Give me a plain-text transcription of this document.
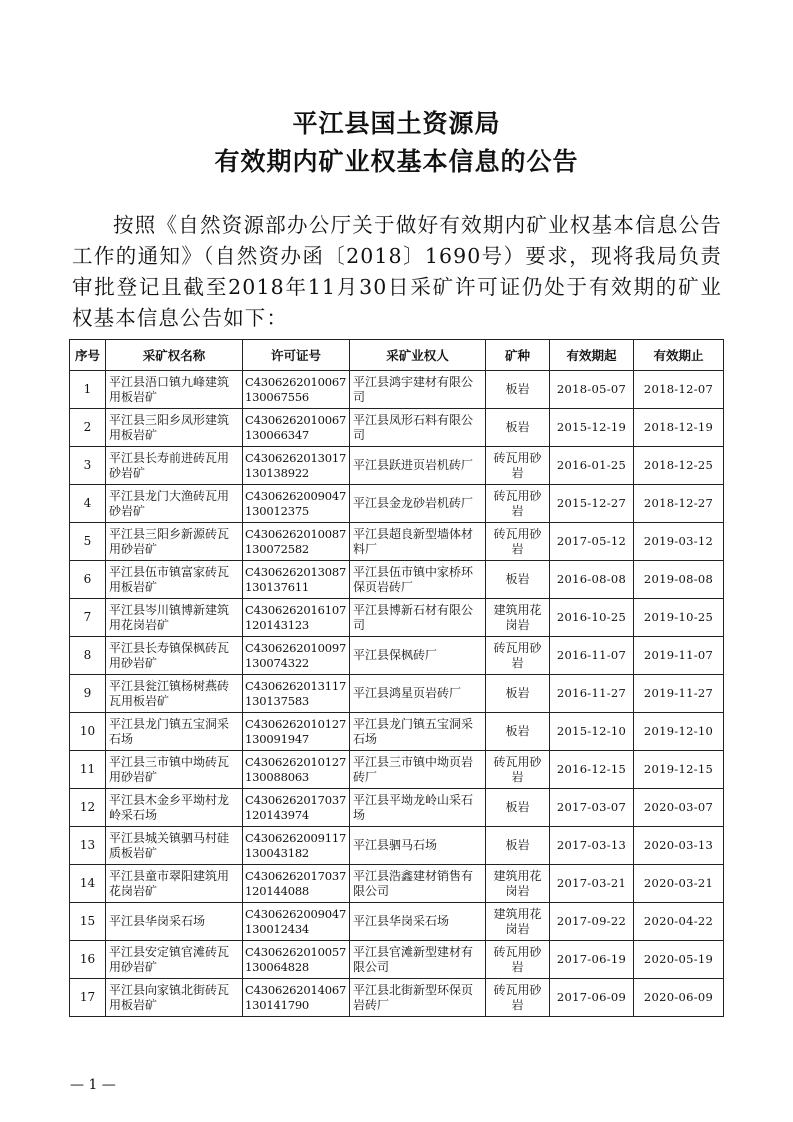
平江县国土资源局
有效期内矿业权基本信息的公告
按照《自然资源部办公厅关于做好有效期内矿业权基本信息公告工作的通知》（自然资办函〔2018〕1690号）要求，现将我局负责审批登记且截至2018年11月30日采矿许可证仍处于有效期的矿业权基本信息公告如下：
序号	采矿权名称	许可证号	采矿业权人	矿种	有效期起	有效期止
1	平江县浯口镇九峰建筑用板岩矿	C4306262010067130067556	平江县鸿宇建材有限公司	板岩	2018-05-07	2018-12-07
2	平江县三阳乡凤形建筑用板岩矿	C4306262010067130066347	平江县凤形石料有限公司	板岩	2015-12-19	2018-12-19
3	平江县长寿前进砖瓦用砂岩矿	C4306262013017130138922	平江县跃进页岩机砖厂	砖瓦用砂岩	2016-01-25	2018-12-25
4	平江县龙门大渔砖瓦用砂岩矿	C4306262009047130012375	平江县金龙砂岩机砖厂	砖瓦用砂岩	2015-12-27	2018-12-27
5	平江县三阳乡新源砖瓦用砂岩矿	C4306262010087130072582	平江县超良新型墙体材料厂	砖瓦用砂岩	2017-05-12	2019-03-12
6	平江县伍市镇富家砖瓦用板岩矿	C4306262013087130137611	平江县伍市镇中家桥环保页岩砖厂	板岩	2016-08-08	2019-08-08
7	平江县岑川镇博新建筑用花岗岩矿	C4306262016107120143123	平江县博新石材有限公司	建筑用花岗岩	2016-10-25	2019-10-25
8	平江县长寿镇保枫砖瓦用砂岩矿	C4306262010097130074322	平江县保枫砖厂	砖瓦用砂岩	2016-11-07	2019-11-07
9	平江县瓮江镇杨树燕砖瓦用板岩矿	C4306262013117130137583	平江县鸿星页岩砖厂	板岩	2016-11-27	2019-11-27
10	平江县龙门镇五宝洞采石场	C4306262010127130091947	平江县龙门镇五宝洞采石场	板岩	2015-12-10	2019-12-10
11	平江县三市镇中坳砖瓦用砂岩矿	C4306262010127130088063	平江县三市镇中坳页岩砖厂	砖瓦用砂岩	2016-12-15	2019-12-15
12	平江县木金乡平坳村龙岭采石场	C4306262017037120143974	平江县平坳龙岭山采石场	板岩	2017-03-07	2020-03-07
13	平江县城关镇驷马村硅质板岩矿	C4306262009117130043182	平江县驷马石场	板岩	2017-03-13	2020-03-13
14	平江县童市翠阳建筑用花岗岩矿	C4306262017037120144088	平江县浩鑫建材销售有限公司	建筑用花岗岩	2017-03-21	2020-03-21
15	平江县华岗采石场	C4306262009047130012434	平江县华岗采石场	建筑用花岗岩	2017-09-22	2020-04-22
16	平江县安定镇官滩砖瓦用砂岩矿	C4306262010057130064828	平江县官滩新型建材有限公司	砖瓦用砂岩	2017-06-19	2020-05-19
17	平江县向家镇北街砖瓦用板岩矿	C4306262014067130141790	平江县北街新型环保页岩砖厂	砖瓦用砂岩	2017-06-09	2020-06-09
— 1 —
